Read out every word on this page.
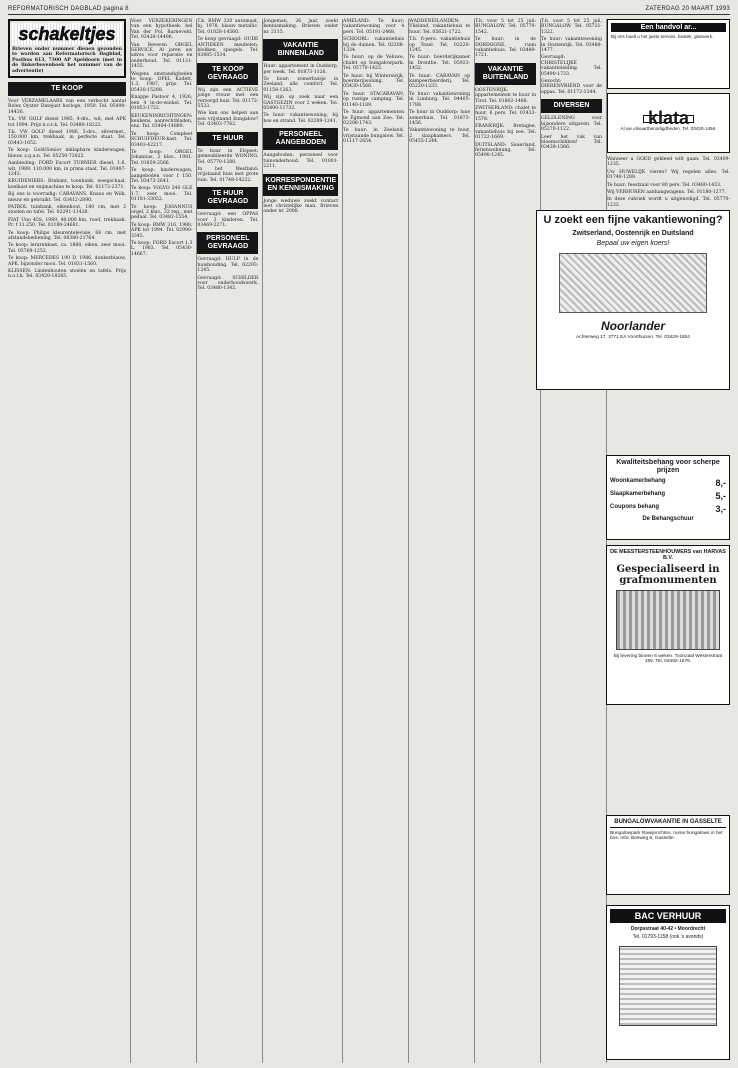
REFORMATORISCH DAGBLAD pagina 8	ZATERDAG 20 MAART 1993
schakeltjes

Brieven onder nummer dienen gezonden te worden aan Reformatorisch Dagblad, Postbus 613, 7300 AP Apeldoorn (met in de linkerbovenhoek het nummer van de advertentie)

TE KOOP
Voor VERZAMELAARS van een verkocht aantal Rolex Oyster Datejust horloge, 1950. Tel. 05490-14436.
T.k. VW GOLF diesel 1985, 4-drs., wit, met APK tot 1994. Prijs n.o.t.k. Tel. 03480-18322.
T.k. VW GOLF diesel 1986, 5-drs., zilvermet., 150.000 km, trekhaak, in perfecte staat. Tel. 03443-1652.
Te koop: Gold/Senior inklapbare kinderwagen, blauw, z.g.a.n. Tel. 05250-73022.
Aanbieding: FORD Escort TURNIER diesel, 1.6, wit, 1989, 110.000 km, in prima staat. Tel. 03487-1243.
KRUIDENIERS: Brabant, toonbank, weegschaal, koelkast en snijmachine te koop. Tel. 01172-2371.
Bij ons is voorradig: CARAVANS, Knaus en Wilk, nieuw en gebruikt. Tel. 03412-2890.
PATROL tuinbank, eikenhout, 180 cm, met 2 stoelen en tafel. Tel. 02291-11428.
FIAT Uno 45S, 1989, 40.000 km, rood, trekhaak. Pr. f 11.250. Tel. 01180-24681.
Te koop: Philips kleurentelevisie, 66 cm, met afstandsbediening. Tel. 08380-21764.
Te koop: lerarenkast, ca. 1880, eiken, zeer mooi. Tel. 05769-1252.
Te koop: MERCEDES 190 D, 1986, donkerblauw, APK, bijzonder mooi. Tel. 01831-1560.
KLISSEN: Lindenhouten stoelen en tafels. Prijs n.o.t.k. Tel. 03420-18265.
Voor VERZEKERINGEN van een hypotheek: bel Van der Pol, Barneveld. Tel. 03420-14406.
Van Beveren ORGEL SERVICE. Al jaren uw adres voor reparatie en onderhoud. Tel. 01131-1455.
Wegens omstandigheden te koop: OPEL Kadett, 1.3, 1987, grijs. Tel. 05430-15288.
Knappe Pastoor 4, 1926, een 4 in-de-winkel. Tel. 01853-1722.
KEUKENINRICHTINGEN: keukens, aanrechtbladen, enz. Tel. 03404-14889.
Te koop: Compleet SCHUIFDEUR-kast. Tel. 03403-42217.
Te koop: ORGEL Johannus, 2 klav., 1981. Tel. 01859-2566.
Te koop: kinderwagen, aangeboden voor f 150. Tel. 03473-2641.
Te koop: VOLVO 340 GLE 1.7, zeer mooi. Tel. 01181-33052.
Te koop: JOHANNUS orgel, 2 klav., 32 reg., met pedaal. Tel. 03482-1554.
Te koop: BMW 316, 1988, APK tot 1994. Tel. 02990-3345.
Te koop: FORD Escort 1.3 L, 1983. Tel. 05430-14667.
T.k. BMW 320 automaat, bj. 1978, blauw metallic. Tel. 01828-14560.
Te koop gevraagd: OUDE ANTIEKEN meubelen, klokken, spiegels. Tel. 03485-1534.
TE KOOP GEVRAAGD
Wij zijn een ACTIEVE jonge vrouw met een verzorgd huis. Tel. 01172-5533.
Wie kan ons helpen aan een vrijstaand bungalow? Tel. 03403-7762.
TE HUUR
Te huur in Elspeet: gemeubileerde WONING. Tel. 05770-1288.
In het Westland: vrijstaand huis met grote tuin. Tel. 01748-14222.
TE HUUR GEVRAAGD
Gevraagd: een OPPAS voor 3 kinderen. Tel. 03469-2271.
PERSONEEL GEVRAAGD
Gevraagd: HULP in de huishouding. Tel. 02293-1245.
Gevraagd: SCHILDER voor onderhoudswerk. Tel. 03480-1342.
Jongeman, 26 jaar, zoekt kennismaking. Brieven onder nr. 2115.
VAKANTIE BINNENLAND
Huur: appartement in Ouddorp, per week. Tel. 01873-1126.
Te huur: zomerhuisje in Zeeland, alle comfort. Tel. 01158-1263.
Wij zijn op zoek naar een GASTGEZIN voor 2 weken. Tel. 05490-11732.
Te huur: vakantiewoning, bij bos en strand. Tel. 02289-1241.
PERSONEEL AANGEBODEN
Aangeboden: personeel voor tuinonderhoud. Tel. 01801-2211.
KORRESPONDENTIE EN KENNISMAKING
Jonge weduwe zoekt contact met christelijke man. Brieven onder nr. 2088.
AMELAND: Te huur: vakantiewoning voor 4 pers. Tel. 05191-2468.
SCHOORL: vakantiehuis bij de duinen. Tel. 02208-1334.
Te huur: op de Veluwe, chalet op bungalowpark. Tel. 05770-1423.
Te huur: bij Winterswijk, boerderijwoning. Tel. 05430-1566.
Te huur: STACARAVAN, op rustige camping. Tel. 01140-1189.
Te huur: appartementen te Egmond aan Zee. Tel. 02206-1743.
Te huur: in Zeeland, vrijstaande bungalow. Tel. 01117-2654.
WADDENEILANDEN: Vlieland, vakantiehuis te huur. Tel. 05621-1722.
T.h. 6-pers. vakantiehuis op Texel. Tel. 02220-1245.
Te huur: boerderijkamer in Drenthe. Tel. 05923-1452.
Te huur: CARAVAN op kampeerboerderij. Tel. 05220-1233.
Te huur: vakantiewoning in Limburg. Tel. 04405-1788.
Te huur in Ouddorp: luxe zomerhuis. Tel. 01873-1456.
Vakantiewoning te huur, 2 slaapkamers. Tel. 05455-1244.
T.h. voor 5 tot 25 juli: BUNGALOW. Tel. 05770-1542.
Te huur: in de DORDOGNE, ruim vakantiehuis. Tel. 03480-1721.
VAKANTIE BUITENLAND
OOSTENRIJK: appartementen te huur in Tirol. Tel. 01802-1488.
ZWITSERLAND: chalet te huur, 6 pers. Tel. 03433-1578.
FRANKRIJK: Bretagne, vakantiehuis bij zee. Tel. 01722-1669.
DUITSLAND: Sauerland, ferienwohnung. Tel. 05490-1245.
T.h. voor 5 tot 25 juli, BUNGALOW. Tel. 05721-1322.
Te huur: vakantiewoning in Oostenrijk. Tel. 03480-1477.
Gevraagd: CHRISTELIJKE vakantieleiding. Tel. 05490-1733.
Gezocht: DIERENVRIEND voor de oppas. Tel. 01172-1344.
DIVERSEN
GELDLENING voor bijzondere uitgaven. Tel. 05270-1122.
Leer het vak van bloemschikken! Tel. 03438-1566.
Een handvol ar...
Bij ons haalt u het juiste servies, bestek, glaswerk.
klata
Al uw uitvaartbenodigdheden. Tel. 03430-1456.
Wanneer u GOED gekleed wilt gaan: Tel. 03409-1235.
Uw HUWELIJK vieren? Wij regelen alles. Tel. 01740-1289.
Te huur: feestzaal voor 80 pers. Tel. 03480-1433.
Wij VERHUREN aanhangwagens. Tel. 01180-1277.
In deze rubriek wordt u uitgenodigd. Tel. 05770-1233.
U zoekt een fijne vakantiewoning?
Zwitserland, Oostenrijk en Duitsland
Bepaal uw eigen koers!
Noorlander
Achterweg 17, 3771 EA Voorthuizen. Tel. 03429-1854
Kwaliteitsbehang voor scherpe prijzen
Woonkamerbehang	8,-
Slaapkamerbehang	5,-
Coupons behang	3,-
De Behangschuur
DE MEESTERSTEENHOUWERS van HARVAS B.V.
Gespecialiseerd in grafmonumenten
Bij levering binnen 6 weken. Toonzaal Westerstraat 155. Tel. 03482-1576.
BUNGALOWVAKANTIE IN GASSELTE
Bungalowpark Rawijnrichten, ruime bungalows in het bos. Info: Bosweg 6, Gasselte.
BAC VERHUUR
Dorpsstraat 40-42 • Moordrecht
Tel. 01793-1158 (ook 's avonds)
